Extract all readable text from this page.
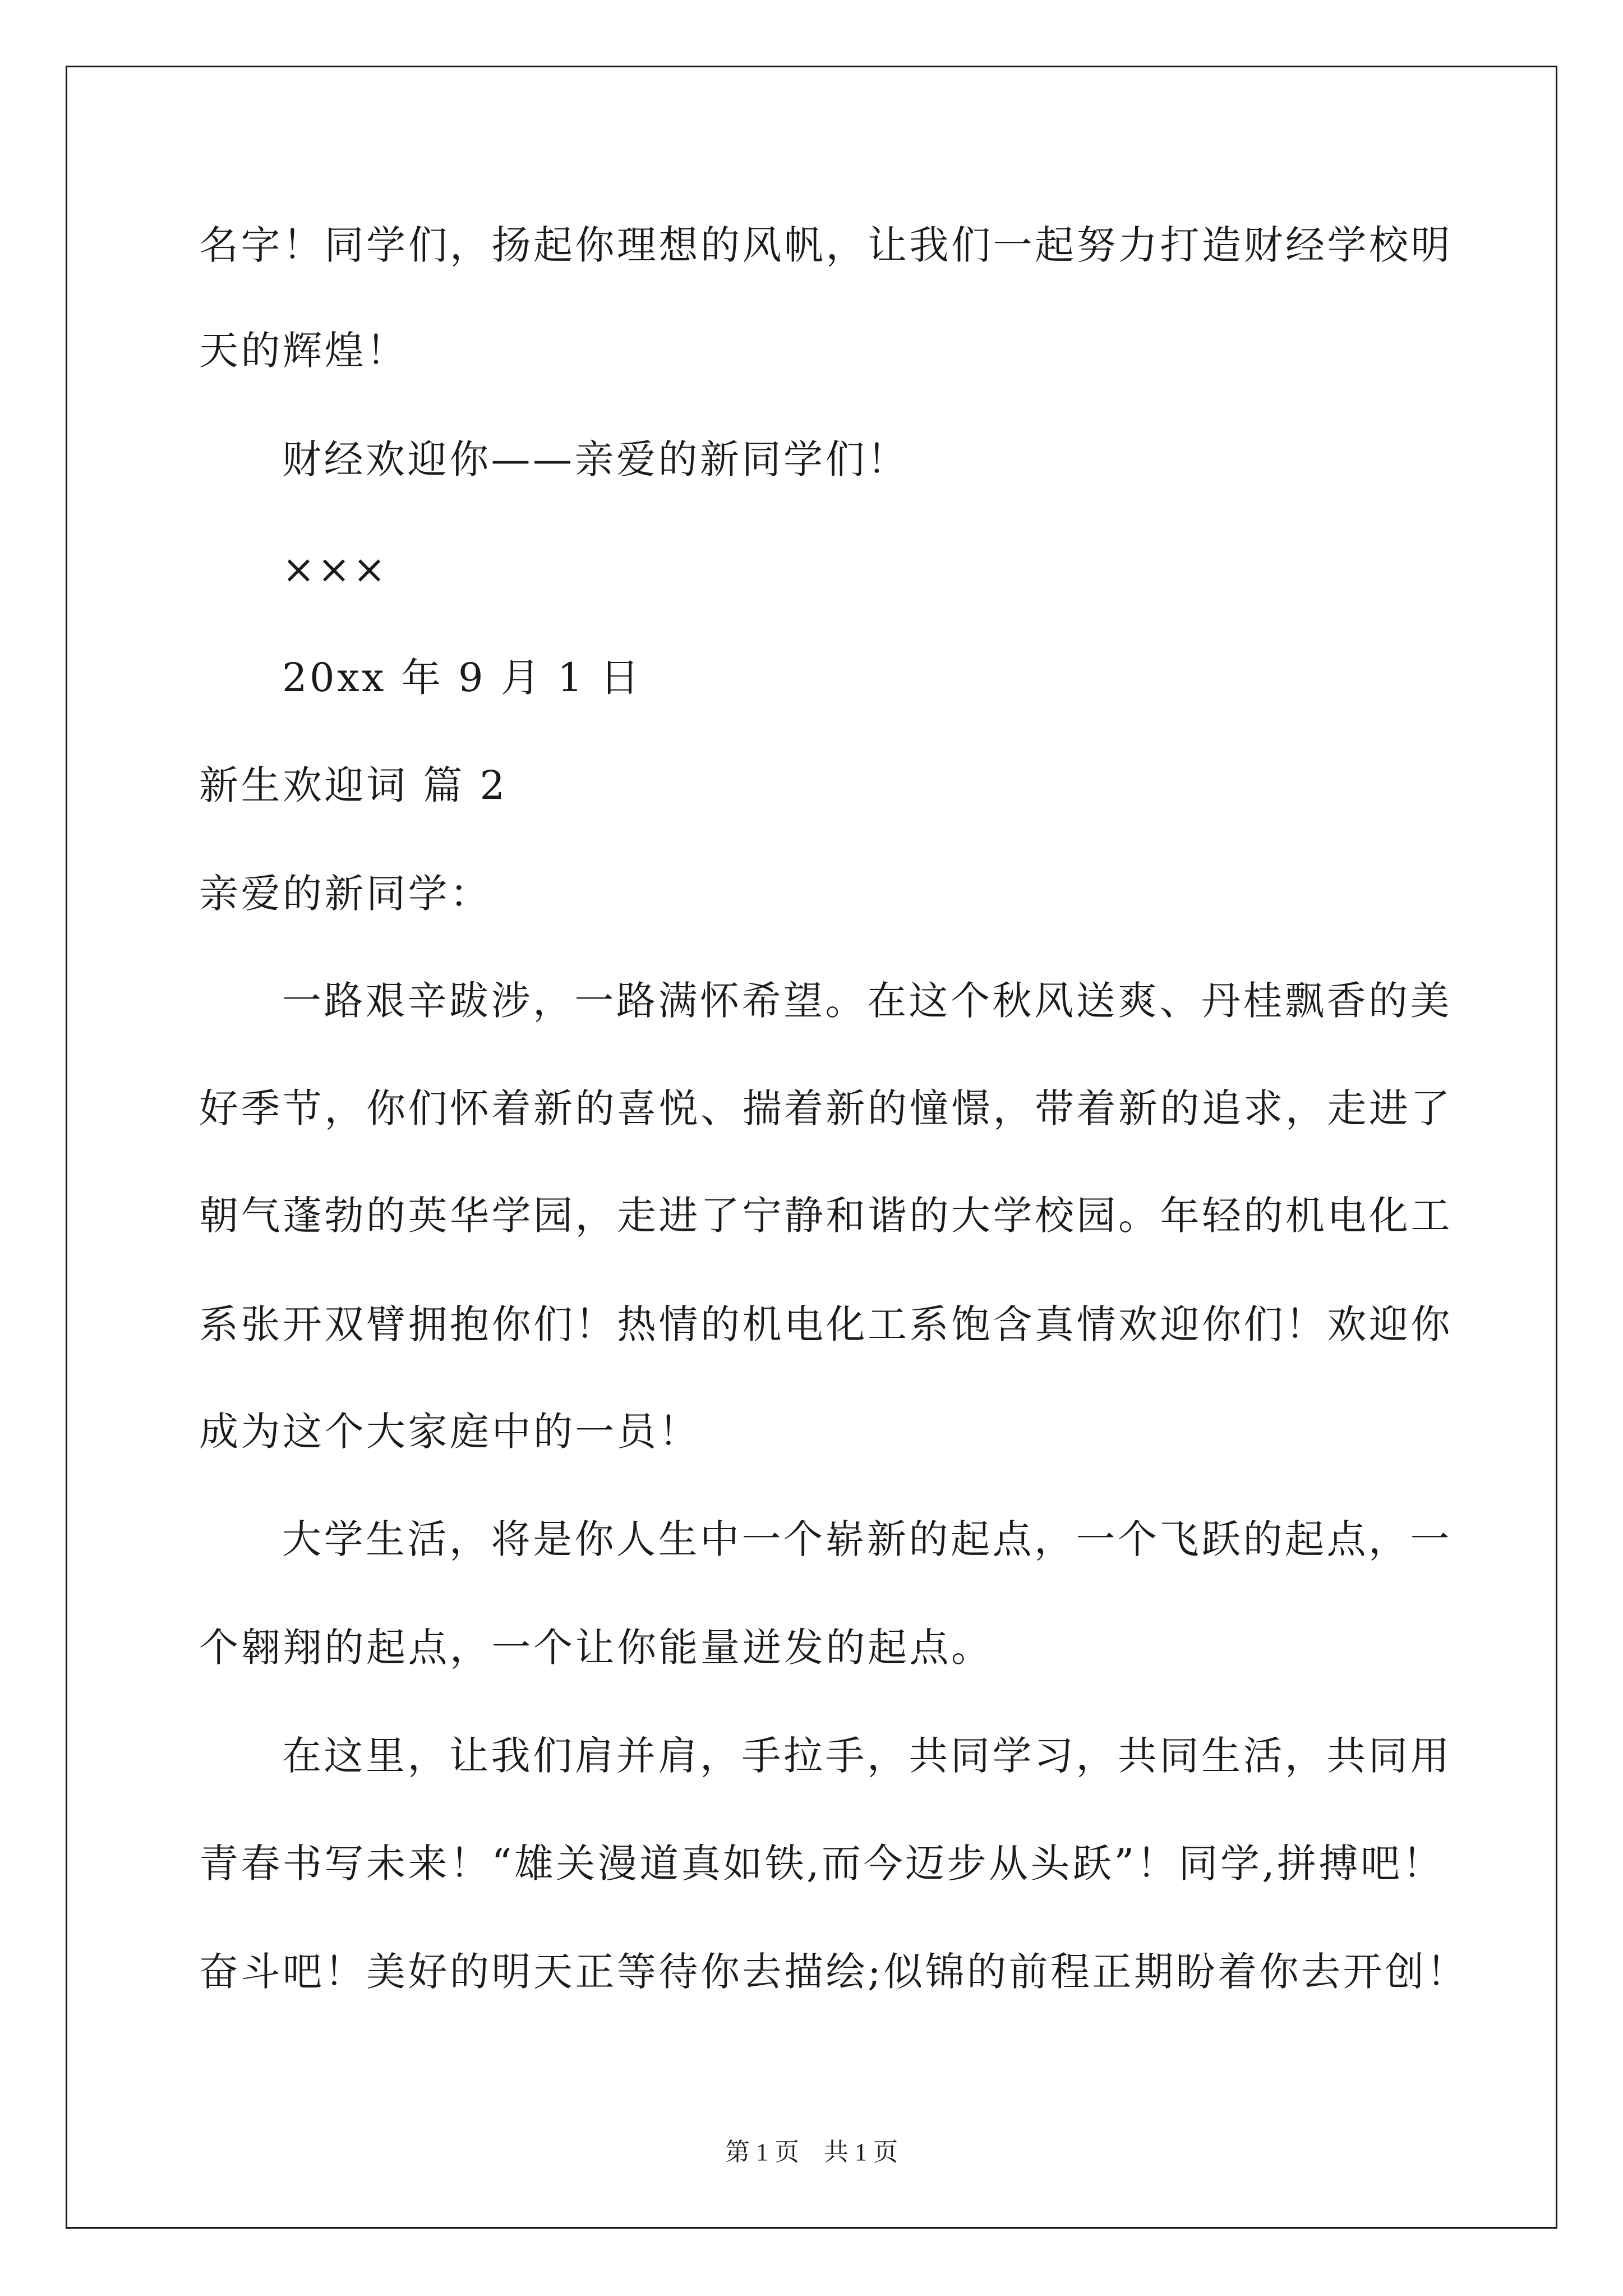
名字！同学们，扬起你理想的风帆，让我们一起努力打造财经学校明
天的辉煌！
财经欢迎你——亲爱的新同学们！
×××
20xx 年 9 月 1 日
新生欢迎词 篇 2
亲爱的新同学：
一路艰辛跋涉，一路满怀希望。在这个秋风送爽、丹桂飘香的美
好季节，你们怀着新的喜悦、揣着新的憧憬，带着新的追求，走进了
朝气蓬勃的英华学园，走进了宁静和谐的大学校园。年轻的机电化工
系张开双臂拥抱你们！热情的机电化工系饱含真情欢迎你们！欢迎你
成为这个大家庭中的一员！
大学生活，将是你人生中一个崭新的起点，一个飞跃的起点，一
个翱翔的起点，一个让你能量迸发的起点。
在这里，让我们肩并肩，手拉手，共同学习，共同生活，共同用
青春书写未来！“雄关漫道真如铁,而今迈步从头跃”！同学,拼搏吧！
奋斗吧！美好的明天正等待你去描绘;似锦的前程正期盼着你去开创！
第 1 页    共 1 页
